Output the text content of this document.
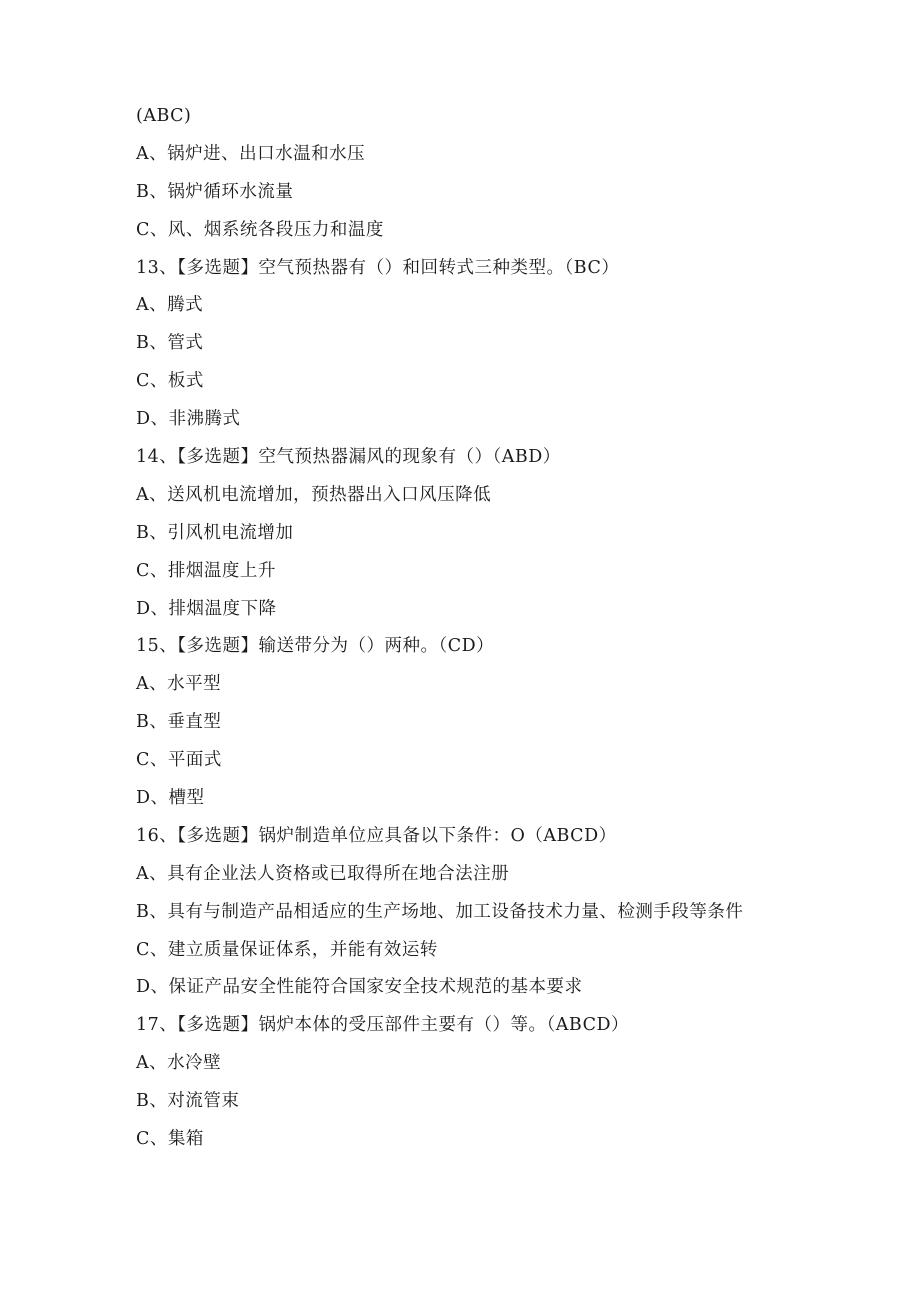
(ABC)
A、锅炉进、出口水温和水压
B、锅炉循环水流量
C、风、烟系统各段压力和温度
13、【多选题】空气预热器有（）和回转式三种类型。（BC）
A、腾式
B、管式
C、板式
D、非沸腾式
14、【多选题】空气预热器漏风的现象有（）（ABD）
A、送风机电流增加，预热器出入口风压降低
B、引风机电流增加
C、排烟温度上升
D、排烟温度下降
15、【多选题】输送带分为（）两种。（CD）
A、水平型
B、垂直型
C、平面式
D、槽型
16、【多选题】锅炉制造单位应具备以下条件：O（ABCD）
A、具有企业法人资格或已取得所在地合法注册
B、具有与制造产品相适应的生产场地、加工设备技术力量、检测手段等条件
C、建立质量保证体系，并能有效运转
D、保证产品安全性能符合国家安全技术规范的基本要求
17、【多选题】锅炉本体的受压部件主要有（）等。（ABCD）
A、水冷壁
B、对流管束
C、集箱
